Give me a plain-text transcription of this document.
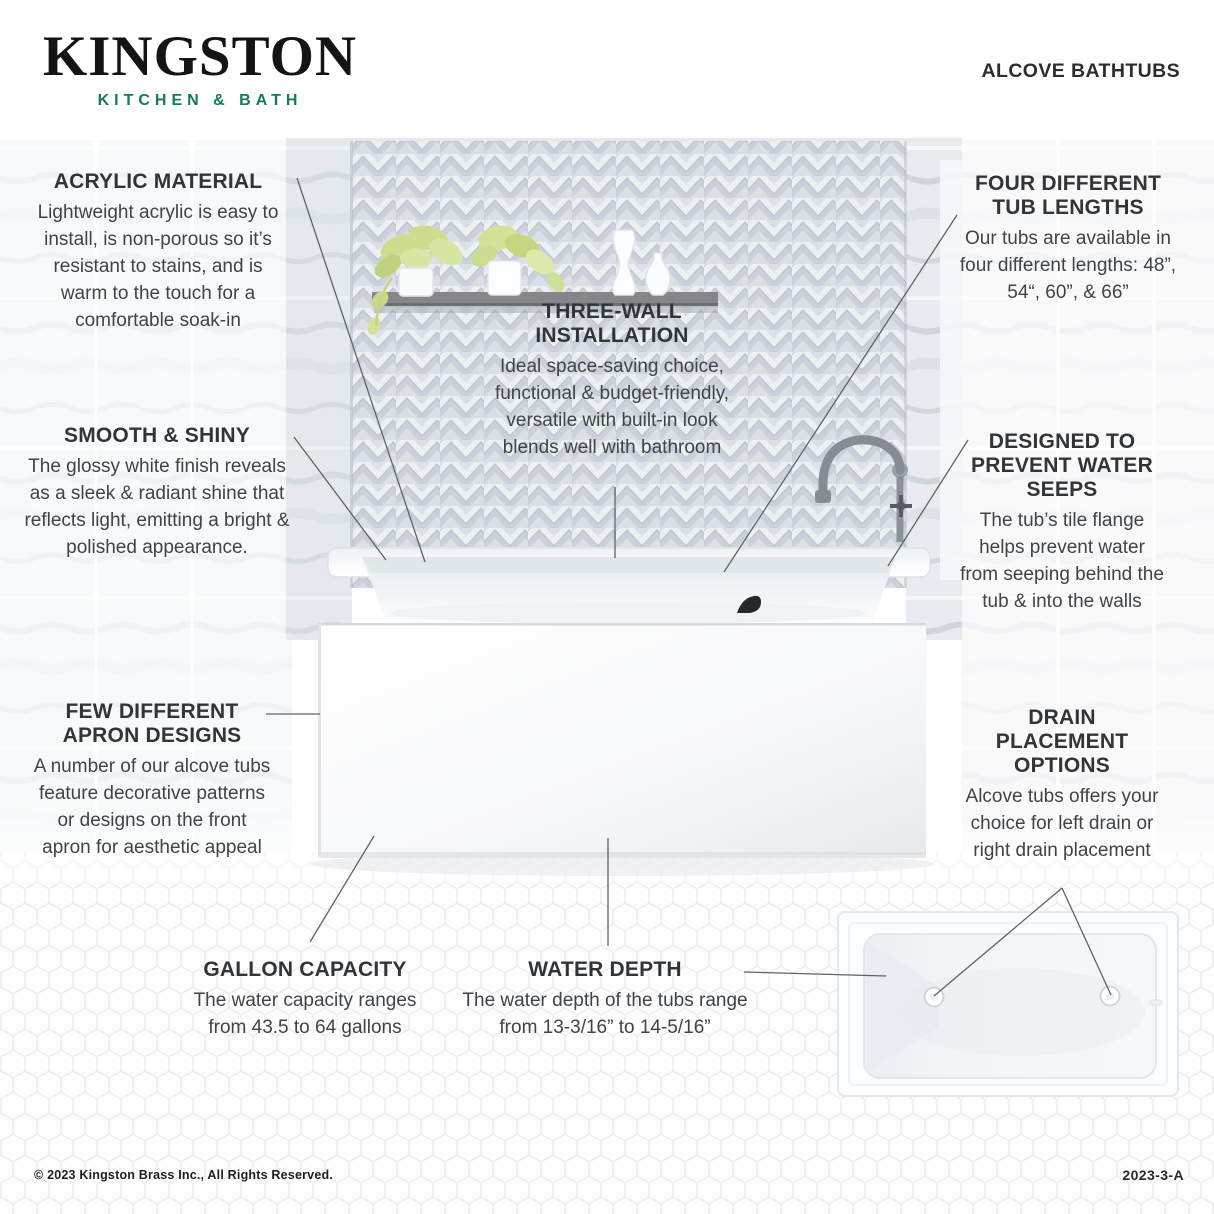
KINGSTON
KITCHEN & BATH
ALCOVE BATHTUBS
ACRYLIC MATERIAL
Lightweight acrylic is easy to install, is non-porous so it’s resistant to stains, and is warm to the touch for a comfortable soak-in
SMOOTH & SHINY
The glossy white finish reveals as a sleek & radiant shine that reflects light, emitting a bright & polished appearance.
FEW DIFFERENT
APRON DESIGNS
A number of our alcove tubs feature decorative patterns or designs on the front apron for aesthetic appeal
THREE-WALL
INSTALLATION
Ideal space-saving choice, functional & budget-friendly, versatile with built-in look blends well with bathroom
FOUR DIFFERENT
TUB LENGTHS
Our tubs are available in four different lengths: 48”, 54“, 60”, & 66”
DESIGNED TO
PREVENT WATER
SEEPS
The tub’s tile flange helps prevent water from seeping behind the tub & into the walls
DRAIN PLACEMENT
OPTIONS
Alcove tubs offers your choice for left drain or right drain placement
GALLON CAPACITY
The water capacity ranges from 43.5 to 64 gallons
WATER DEPTH
The water depth of the tubs range from 13-3/16” to 14-5/16”
© 2023 Kingston Brass Inc., All Rights Reserved.	2023-3-A
